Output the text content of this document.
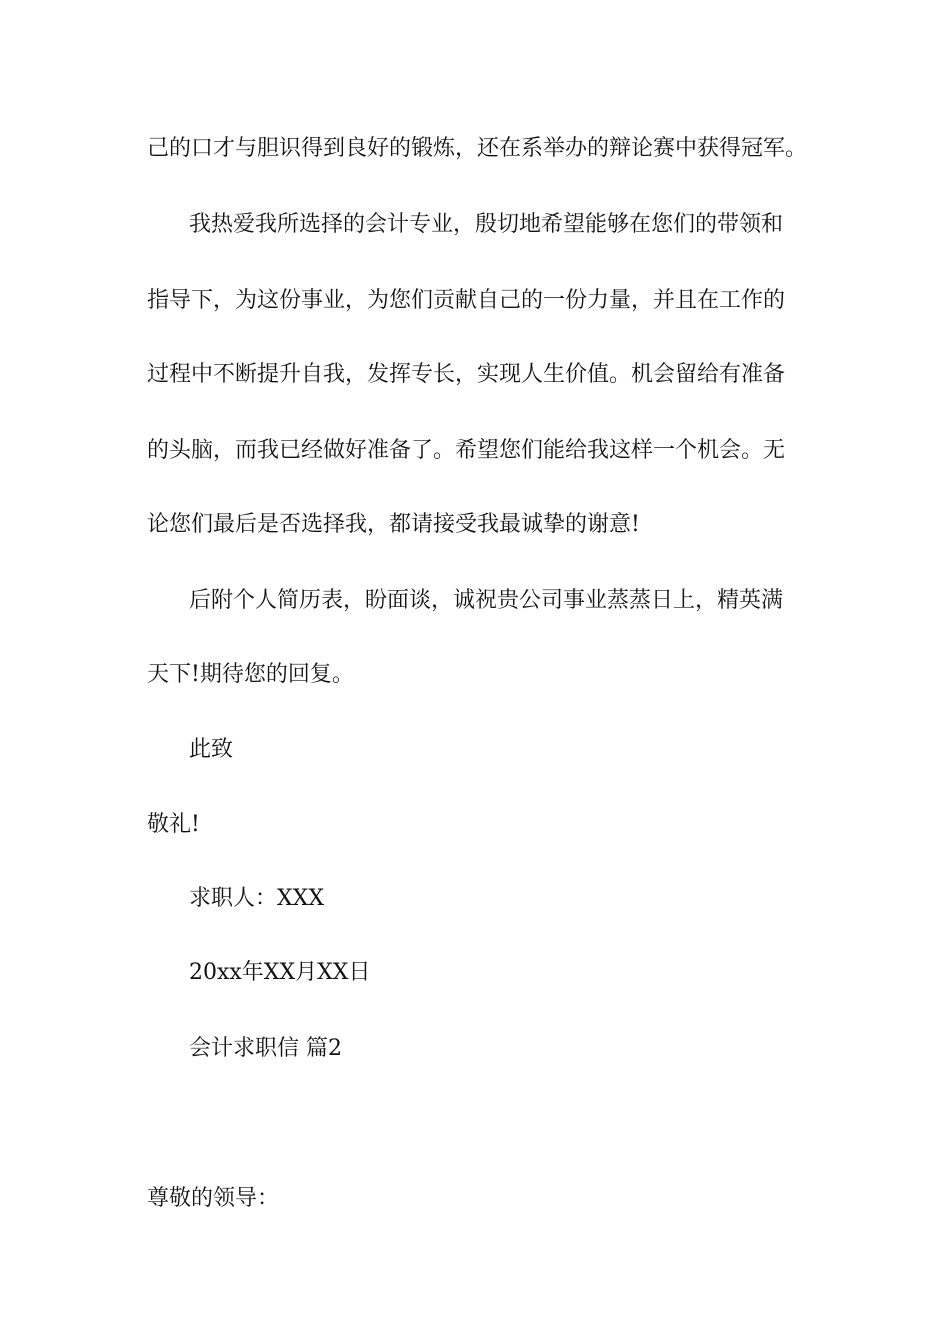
己的口才与胆识得到良好的锻炼，还在系举办的辩论赛中获得冠军。
我热爱我所选择的会计专业，殷切地希望能够在您们的带领和
指导下，为这份事业，为您们贡献自己的一份力量，并且在工作的
过程中不断提升自我，发挥专长，实现人生价值。机会留给有准备
的头脑，而我已经做好准备了。希望您们能给我这样一个机会。无
论您们最后是否选择我，都请接受我最诚挚的谢意!
后附个人简历表，盼面谈，诚祝贵公司事业蒸蒸日上，精英满
天下!期待您的回复。
此致
敬礼!
求职人：XXX
20xx年XX月XX日
会计求职信 篇2
尊敬的领导：
